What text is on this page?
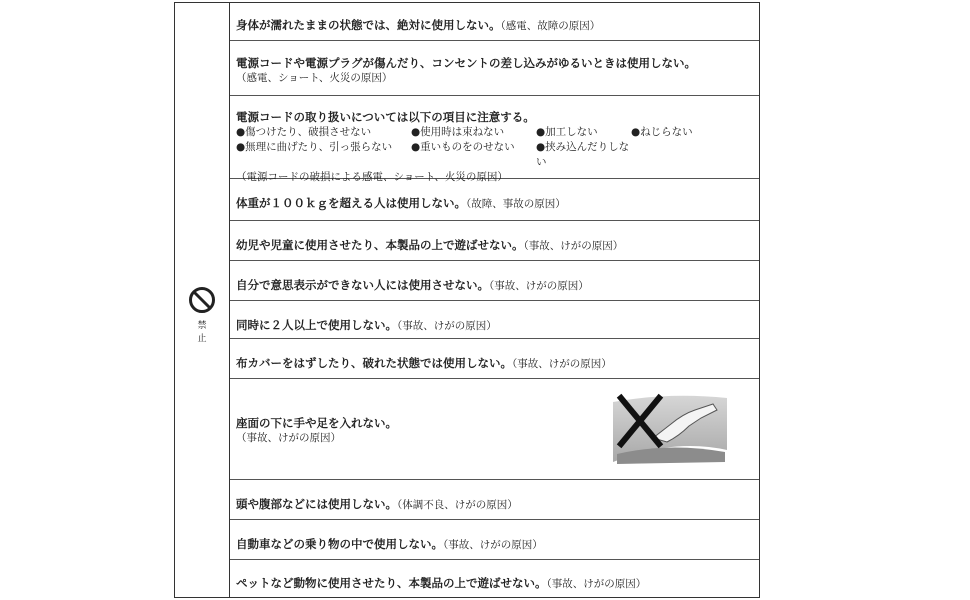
禁 止
身体が濡れたままの状態では、絶対に使用しない。（感電、故障の原因）
電源コードや電源プラグが傷んだり、コンセントの差し込みがゆるいときは使用しない。
（感電、ショート、火災の原因）
電源コードの取り扱いについては以下の項目に注意する。
●傷つけたり、破損させない	●使用時は束ねない	●加工しない	●ねじらない
●無理に曲げたり、引っ張らない	●重いものをのせない	●挟み込んだりしない
（電源コードの破損による感電、ショート、火災の原因）
体重が１００ｋｇを超える人は使用しない。（故障、事故の原因）
幼児や児童に使用させたり、本製品の上で遊ばせない。（事故、けがの原因）
自分で意思表示ができない人には使用させない。（事故、けがの原因）
同時に２人以上で使用しない。（事故、けがの原因）
布カバーをはずしたり、破れた状態では使用しない。（事故、けがの原因）
座面の下に手や足を入れない。
（事故、けがの原因）
頭や腹部などには使用しない。（体調不良、けがの原因）
自動車などの乗り物の中で使用しない。（事故、けがの原因）
ペットなど動物に使用させたり、本製品の上で遊ばせない。（事故、けがの原因）
